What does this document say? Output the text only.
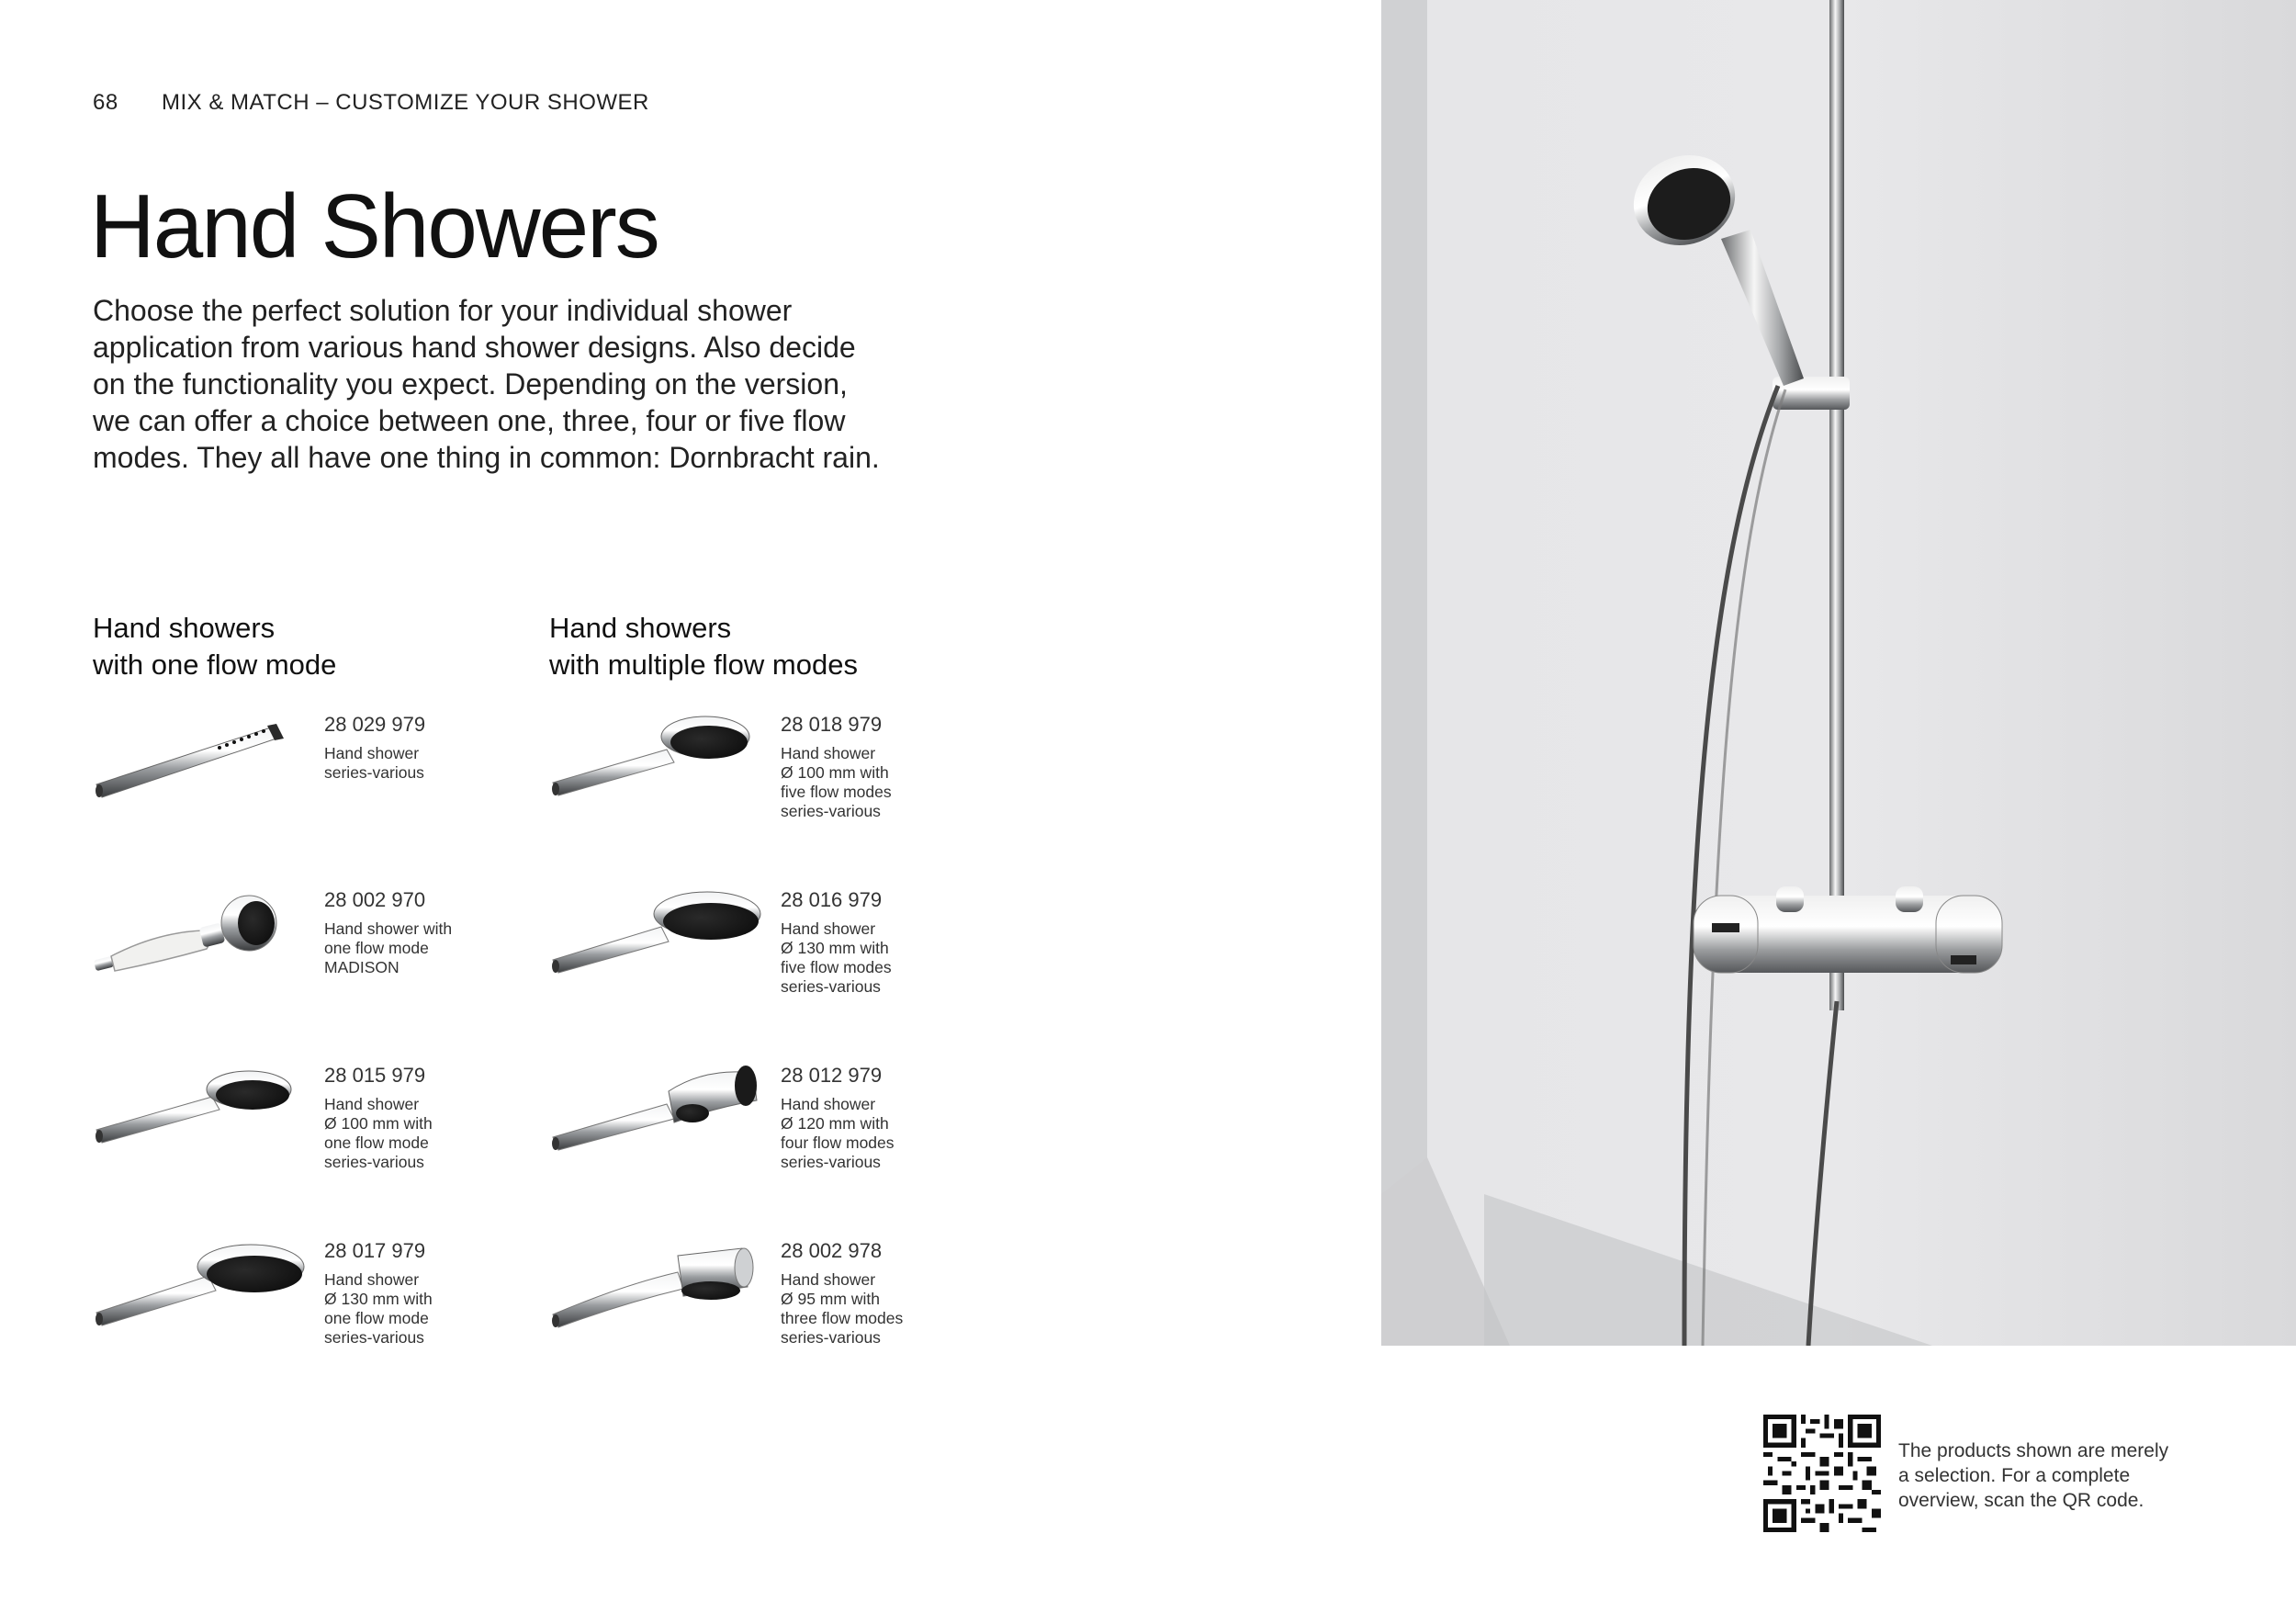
68 MIX & MATCH – CUSTOMIZE YOUR SHOWER
Hand Showers

Choose the perfect solution for your individual shower
application from various hand shower designs. Also decide
on the functionality you expect. Depending on the version,
we can offer a choice between one, three, four or five flow
modes. They all have one thing in common: Dornbracht rain.

Hand showers
with one flow mode
28 029 979
Hand shower
series-various
28 002 970
Hand shower with
one flow mode
MADISON
28 015 979
Hand shower
Ø 100 mm with
one flow mode
series-various
28 017 979
Hand shower
Ø 130 mm with
one flow mode
series-various
Hand showers
with multiple flow modes
28 018 979
Hand shower
Ø 100 mm with
five flow modes
series-various
28 016 979
Hand shower
Ø 130 mm with
five flow modes
series-various
28 012 979
Hand shower
Ø 120 mm with
four flow modes
series-various
28 002 978
Hand shower
Ø 95 mm with
three flow modes
series-various
The products shown are merely
a selection. For a complete
overview, scan the QR code.
